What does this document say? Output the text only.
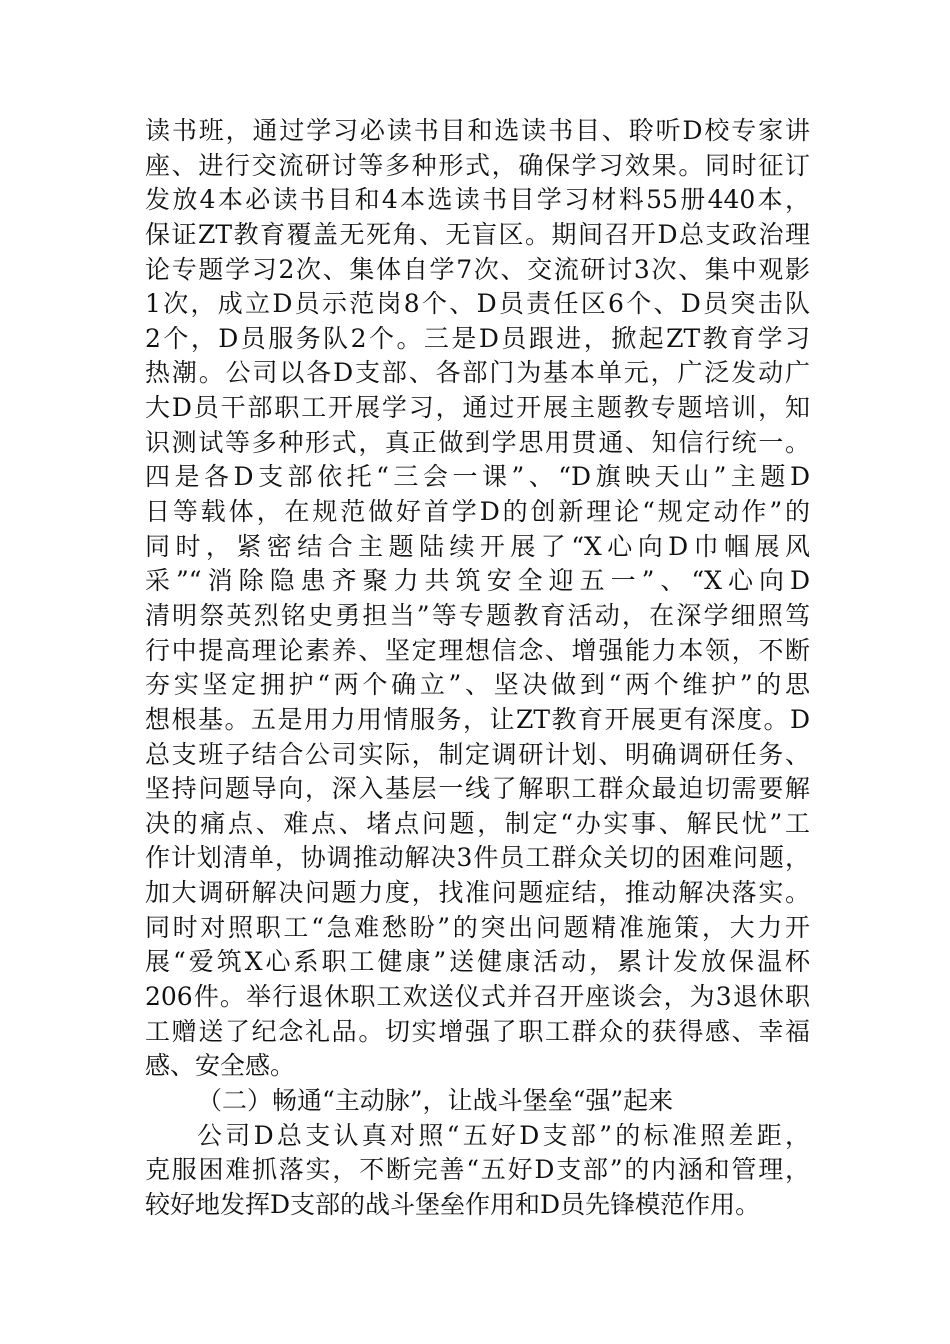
读书班，通过学习必读书目和选读书目、聆听D校专家讲
座、进行交流研讨等多种形式，确保学习效果。同时征订
发放4本必读书目和4本选读书目学习材料55册440本，
保证ZT教育覆盖无死角、无盲区。期间召开D总支政治理
论专题学习2次、集体自学7次、交流研讨3次、集中观影
1次，成立D员示范岗8个、D员责任区6个、D员突击队
2个，D员服务队2个。三是D员跟进，掀起ZT教育学习
热潮。公司以各D支部、各部门为基本单元，广泛发动广
大D员干部职工开展学习，通过开展主题教专题培训，知
识测试等多种形式，真正做到学思用贯通、知信行统一。
四是各D支部依托“三会一课”、“D旗映天山”主题D
日等载体，在规范做好首学D的创新理论“规定动作”的
同时，紧密结合主题陆续开展了“X心向D巾帼展风
采”“消除隐患齐聚力共筑安全迎五一”、“X心向D
清明祭英烈铭史勇担当”等专题教育活动，在深学细照笃
行中提高理论素养、坚定理想信念、增强能力本领，不断
夯实坚定拥护“两个确立”、坚决做到“两个维护”的思
想根基。五是用力用情服务，让ZT教育开展更有深度。D
总支班子结合公司实际，制定调研计划、明确调研任务、
坚持问题导向，深入基层一线了解职工群众最迫切需要解
决的痛点、难点、堵点问题，制定“办实事、解民忧”工
作计划清单，协调推动解决3件员工群众关切的困难问题，
加大调研解决问题力度，找准问题症结，推动解决落实。
同时对照职工“急难愁盼”的突出问题精准施策，大力开
展“爱筑X心系职工健康”送健康活动，累计发放保温杯
206件。举行退休职工欢送仪式并召开座谈会，为3退休职
工赠送了纪念礼品。切实增强了职工群众的获得感、幸福
感、安全感。
（二）畅通“主动脉”，让战斗堡垒“强”起来
公司D总支认真对照“五好D支部”的标准照差距，
克服困难抓落实，不断完善“五好D支部”的内涵和管理，
较好地发挥D支部的战斗堡垒作用和D员先锋模范作用。
